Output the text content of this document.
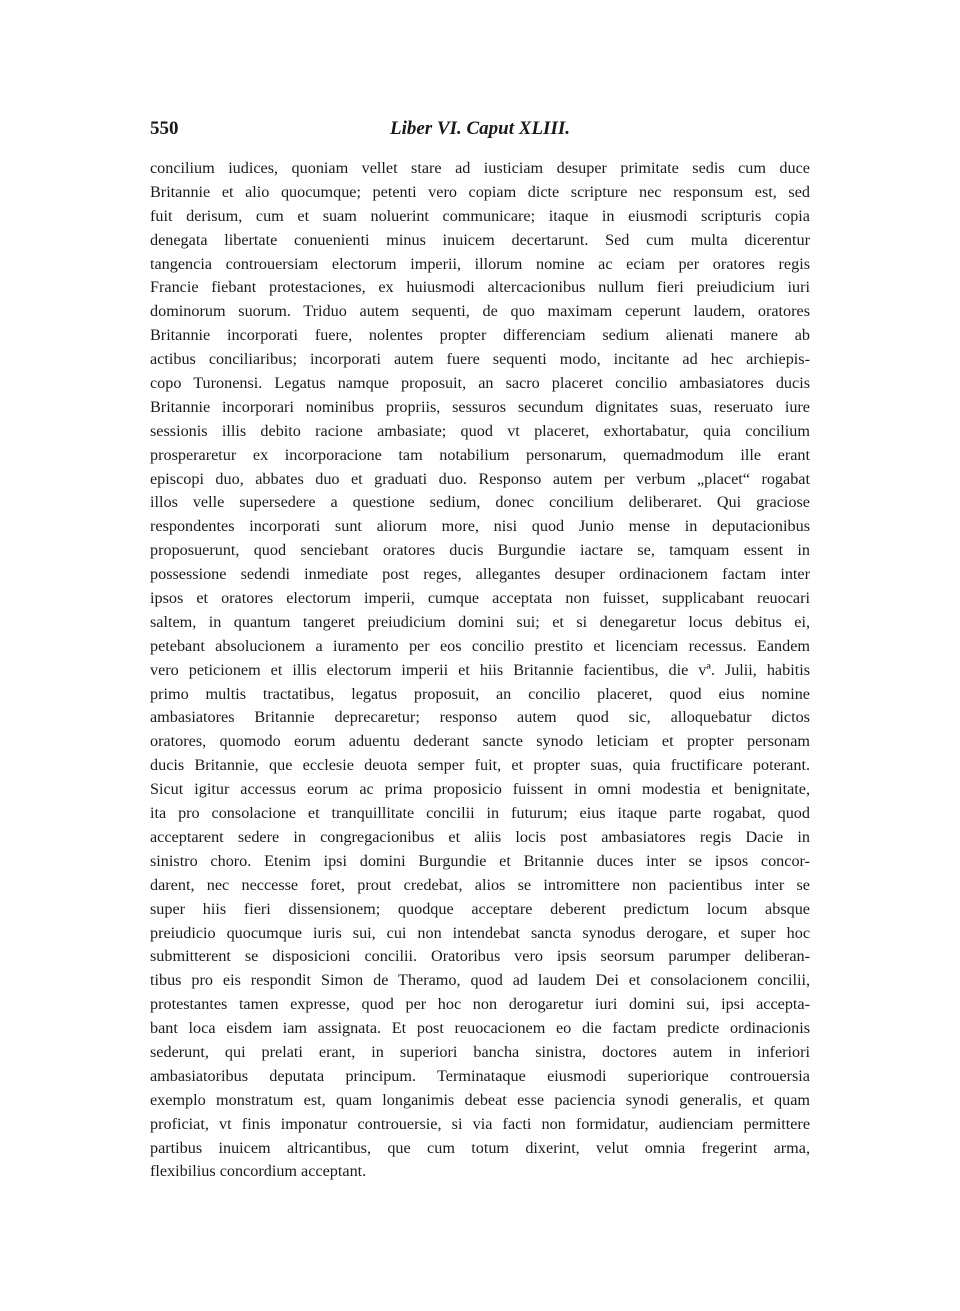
550	Liber VI. Caput XLIII.
concilium iudices, quoniam vellet stare ad iusticiam desuper primitate sedis cum duce
Britannie et alio quocumque; petenti vero copiam dicte scripture nec responsum est, sed
fuit derisum, cum et suam noluerint communicare; itaque in eiusmodi scripturis copia
denegata libertate conuenienti minus inuicem decertarunt. Sed cum multa dicerentur
tangencia controuersiam electorum imperii, illorum nomine ac eciam per oratores regis
Francie fiebant protestaciones, ex huiusmodi altercacionibus nullum fieri preiudicium iuri
dominorum suorum. Triduo autem sequenti, de quo maximam ceperunt laudem, oratores
Britannie incorporati fuere, nolentes propter differenciam sedium alienati manere ab
actibus conciliaribus; incorporati autem fuere sequenti modo, incitante ad hec archiepis-
copo Turonensi. Legatus namque proposuit, an sacro placeret concilio ambasiatores ducis
Britannie incorporari nominibus propriis, sessuros secundum dignitates suas, reseruato iure
sessionis illis debito racione ambasiate; quod vt placeret, exhortabatur, quia concilium
prosperaretur ex incorporacione tam notabilium personarum, quemadmodum ille erant
episcopi duo, abbates duo et graduati duo. Responso autem per verbum „placet“ rogabat
illos velle supersedere a questione sedium, donec concilium deliberaret. Qui graciose
respondentes incorporati sunt aliorum more, nisi quod Junio mense in deputacionibus
proposuerunt, quod senciebant oratores ducis Burgundie iactare se, tamquam essent in
possessione sedendi inmediate post reges, allegantes desuper ordinacionem factam inter
ipsos et oratores electorum imperii, cumque acceptata non fuisset, supplicabant reuocari
saltem, in quantum tangeret preiudicium domini sui; et si denegaretur locus debitus ei,
petebant absolucionem a iuramento per eos concilio prestito et licenciam recessus. Eandem
vero peticionem et illis electorum imperii et hiis Britannie facientibus, die vª. Julii, habitis
primo multis tractatibus, legatus proposuit, an concilio placeret, quod eius nomine
ambasiatores Britannie deprecaretur; responso autem quod sic, alloquebatur dictos
oratores, quomodo eorum aduentu dederant sancte synodo leticiam et propter personam
ducis Britannie, que ecclesie deuota semper fuit, et propter suas, quia fructificare poterant.
Sicut igitur accessus eorum ac prima proposicio fuissent in omni modestia et benignitate,
ita pro consolacione et tranquillitate concilii in futurum; eius itaque parte rogabat, quod
acceptarent sedere in congregacionibus et aliis locis post ambasiatores regis Dacie in
sinistro choro. Etenim ipsi domini Burgundie et Britannie duces inter se ipsos concor-
darent, nec neccesse foret, prout credebat, alios se intromittere non pacientibus inter se
super hiis fieri dissensionem; quodque acceptare deberent predictum locum absque
preiudicio quocumque iuris sui, cui non intendebat sancta synodus derogare, et super hoc
submitterent se disposicioni concilii. Oratoribus vero ipsis seorsum parumper deliberan-
tibus pro eis respondit Simon de Theramo, quod ad laudem Dei et consolacionem concilii,
protestantes tamen expresse, quod per hoc non derogaretur iuri domini sui, ipsi accepta-
bant loca eisdem iam assignata. Et post reuocacionem eo die factam predicte ordinacionis
sederunt, qui prelati erant, in superiori bancha sinistra, doctores autem in inferiori
ambasiatoribus deputata principum. Terminataque eiusmodi superiorique controuersia
exemplo monstratum est, quam longanimis debeat esse paciencia synodi generalis, et quam
proficiat, vt finis imponatur controuersie, si via facti non formidatur, audienciam permittere
partibus inuicem altricantibus, que cum totum dixerint, velut omnia fregerint arma,
flexibilius concordium acceptant.
